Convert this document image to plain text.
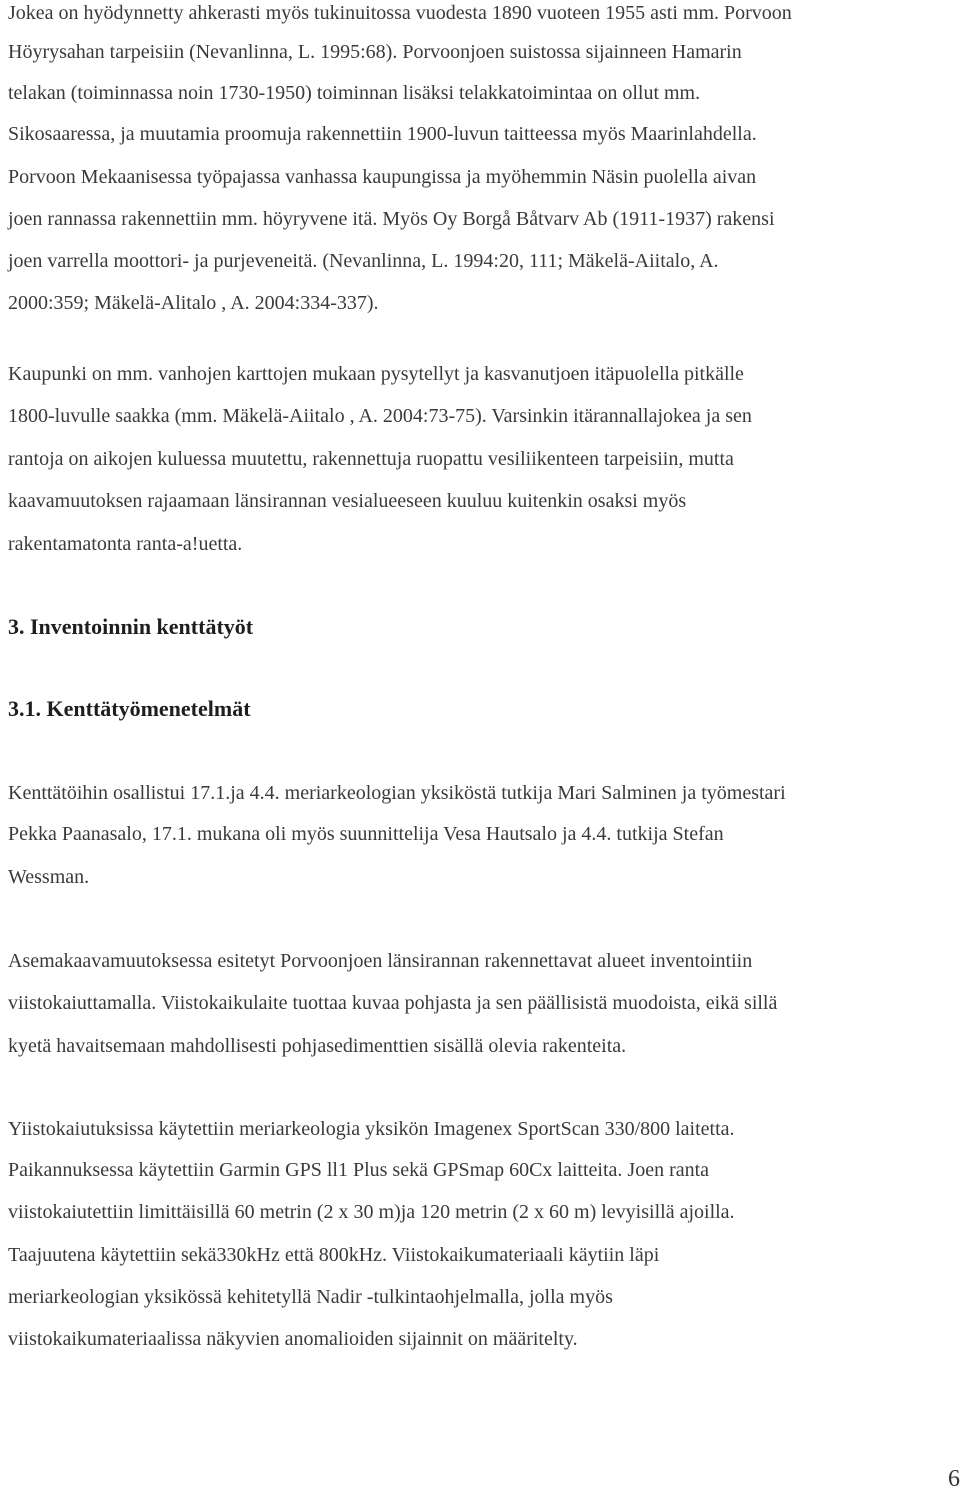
Jokea on hyödynnetty ahkerasti myös tukinuitossa vuodesta 1890 vuoteen 1955 asti mm. Porvoon
Höyrysahan tarpeisiin (Nevanlinna, L. 1995:68). Porvoonjoen suistossa sijainneen Hamarin
telakan (toiminnassa noin 1730-1950) toiminnan lisäksi telakkatoimintaa on ollut mm.
Sikosaaressa, ja muutamia proomuja rakennettiin 1900-luvun taitteessa myös Maarinlahdella.
Porvoon Mekaanisessa työpajassa vanhassa kaupungissa ja myöhemmin Näsin puolella aivan
joen rannassa rakennettiin mm. höyryvene itä. Myös Oy Borgå Båtvarv Ab (1911-1937) rakensi
joen varrella moottori- ja purjeveneitä. (Nevanlinna, L. 1994:20, 111; Mäkelä-Aiitalo, A.
2000:359; Mäkelä-Alitalo , A. 2004:334-337).
Kaupunki on mm. vanhojen karttojen mukaan pysytellyt ja kasvanutjoen itäpuolella pitkälle
1800-luvulle saakka (mm. Mäkelä-Aiitalo , A. 2004:73-75). Varsinkin itärannallajokea ja sen
rantoja on aikojen kuluessa muutettu, rakennettuja ruopattu vesiliikenteen tarpeisiin, mutta
kaavamuutoksen rajaamaan länsirannan vesialueeseen kuuluu kuitenkin osaksi myös
rakentamatonta ranta-a!uetta.
3. Inventoinnin kenttätyöt
3.1. Kenttätyömenetelmät
Kenttätöihin osallistui 17.1.ja 4.4. meriarkeologian yksiköstä tutkija Mari Salminen ja työmestari
Pekka Paanasalo, 17.1. mukana oli myös suunnittelija Vesa Hautsalo ja 4.4. tutkija Stefan
Wessman.
Asemakaavamuutoksessa esitetyt Porvoonjoen länsirannan rakennettavat alueet inventointiin
viistokaiuttamalla. Viistokaikulaite tuottaa kuvaa pohjasta ja sen päällisistä muodoista, eikä sillä
kyetä havaitsemaan mahdollisesti pohjasedimenttien sisällä olevia rakenteita.
Yiistokaiutuksissa käytettiin meriarkeologia yksikön Imagenex SportScan 330/800 laitetta.
Paikannuksessa käytettiin Garmin GPS ll1 Plus sekä GPSmap 60Cx laitteita. Joen ranta
viistokaiutettiin limittäisillä 60 metrin (2 x 30 m)ja 120 metrin (2 x 60 m) levyisillä ajoilla.
Taajuutena käytettiin sekä330kHz että 800kHz. Viistokaikumateriaali käytiin läpi
meriarkeologian yksikössä kehitetyllä Nadir -tulkintaohjelmalla, jolla myös
viistokaikumateriaalissa näkyvien anomalioiden sijainnit on määritelty.
6
